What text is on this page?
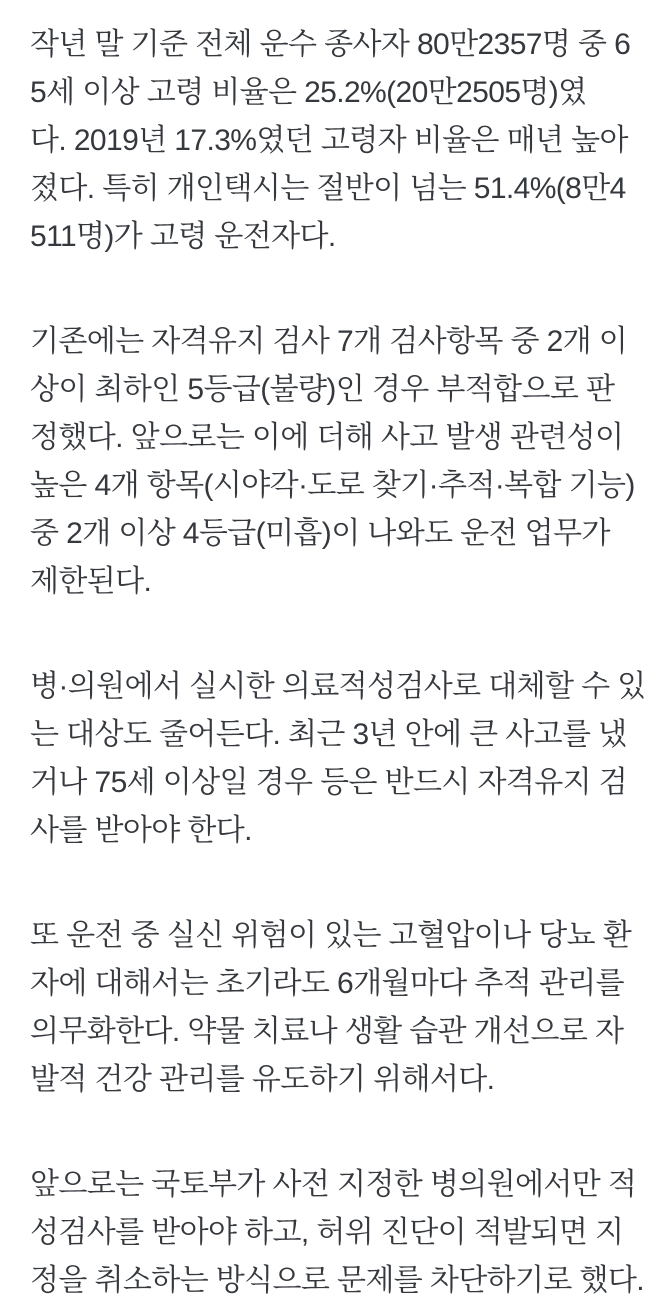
작년 말 기준 전체 운수 종사자 80만2357명 중 6
5세 이상 고령 비율은 25.2%(20만2505명)였
다. 2019년 17.3%였던 고령자 비율은 매년 높아
졌다. 특히 개인택시는 절반이 넘는 51.4%(8만4
511명)가 고령 운전자다.

기존에는 자격유지 검사 7개 검사항목 중 2개 이
상이 최하인 5등급(불량)인 경우 부적합으로 판
정했다. 앞으로는 이에 더해 사고 발생 관련성이
높은 4개 항목(시야각·도로 찾기·추적·복합 기능)
중 2개 이상 4등급(미흡)이 나와도 운전 업무가
제한된다.

병·의원에서 실시한 의료적성검사로 대체할 수 있
는 대상도 줄어든다. 최근 3년 안에 큰 사고를 냈
거나 75세 이상일 경우 등은 반드시 자격유지 검
사를 받아야 한다.

또 운전 중 실신 위험이 있는 고혈압이나 당뇨 환
자에 대해서는 초기라도 6개월마다 추적 관리를
의무화한다. 약물 치료나 생활 습관 개선으로 자
발적 건강 관리를 유도하기 위해서다.

앞으로는 국토부가 사전 지정한 병의원에서만 적
성검사를 받아야 하고, 허위 진단이 적발되면 지
정을 취소하는 방식으로 문제를 차단하기로 했다.
